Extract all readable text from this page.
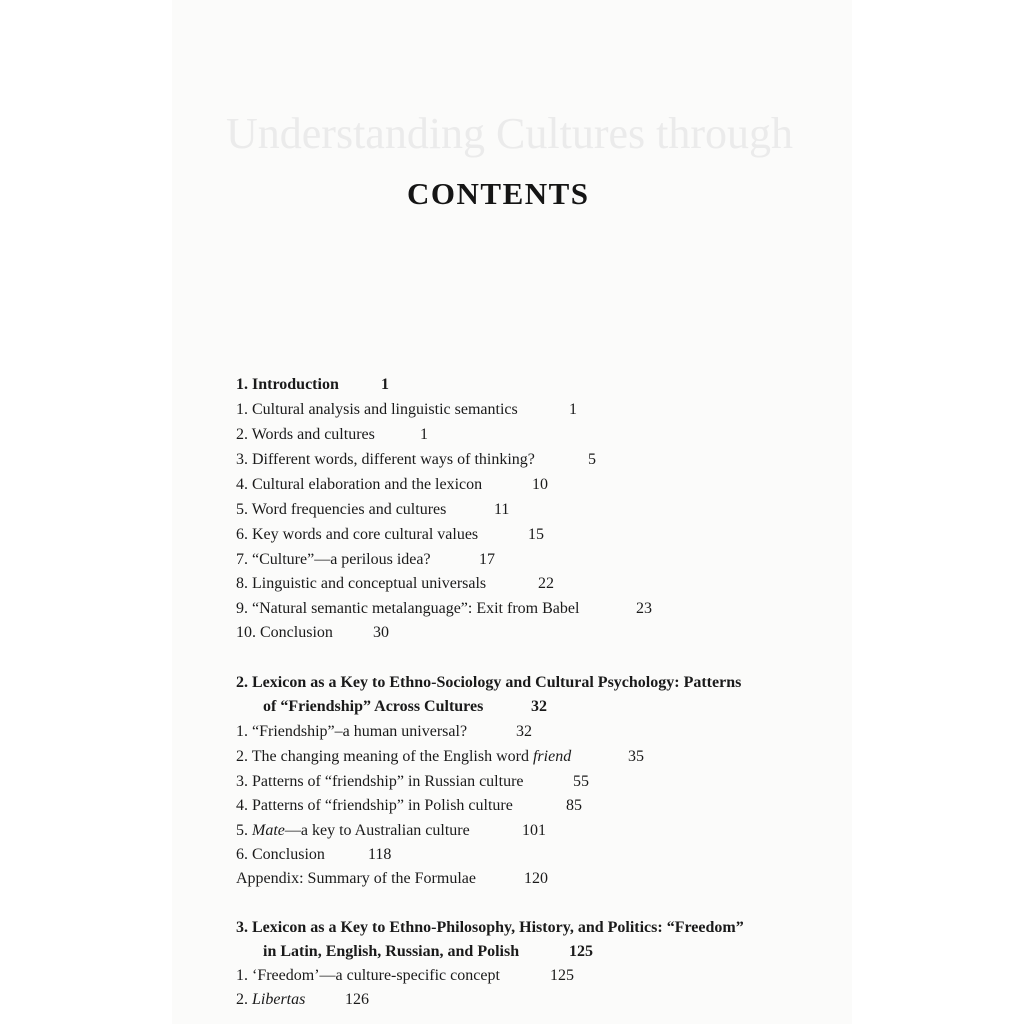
Understanding Cultures through
CONTENTS
1. Introduction	1
1. Cultural analysis and linguistic semantics	1
2. Words and cultures	1
3. Different words, different ways of thinking?	5
4. Cultural elaboration and the lexicon	10
5. Word frequencies and cultures	11
6. Key words and core cultural values	15
7. “Culture”—a perilous idea?	17
8. Linguistic and conceptual universals	22
9. “Natural semantic metalanguage”: Exit from Babel	23
10. Conclusion	30
2. Lexicon as a Key to Ethno-Sociology and Cultural Psychology: Patterns
of “Friendship” Across Cultures	32
1. “Friendship”–a human universal?	32
2. The changing meaning of the English word friend	35
3. Patterns of “friendship” in Russian culture	55
4. Patterns of “friendship” in Polish culture	85
5. Mate—a key to Australian culture	101
6. Conclusion	118
Appendix: Summary of the Formulae	120
3. Lexicon as a Key to Ethno-Philosophy, History, and Politics: “Freedom”
in Latin, English, Russian, and Polish	125
1. ‘Freedom’—a culture-specific concept	125
2. Libertas 126
